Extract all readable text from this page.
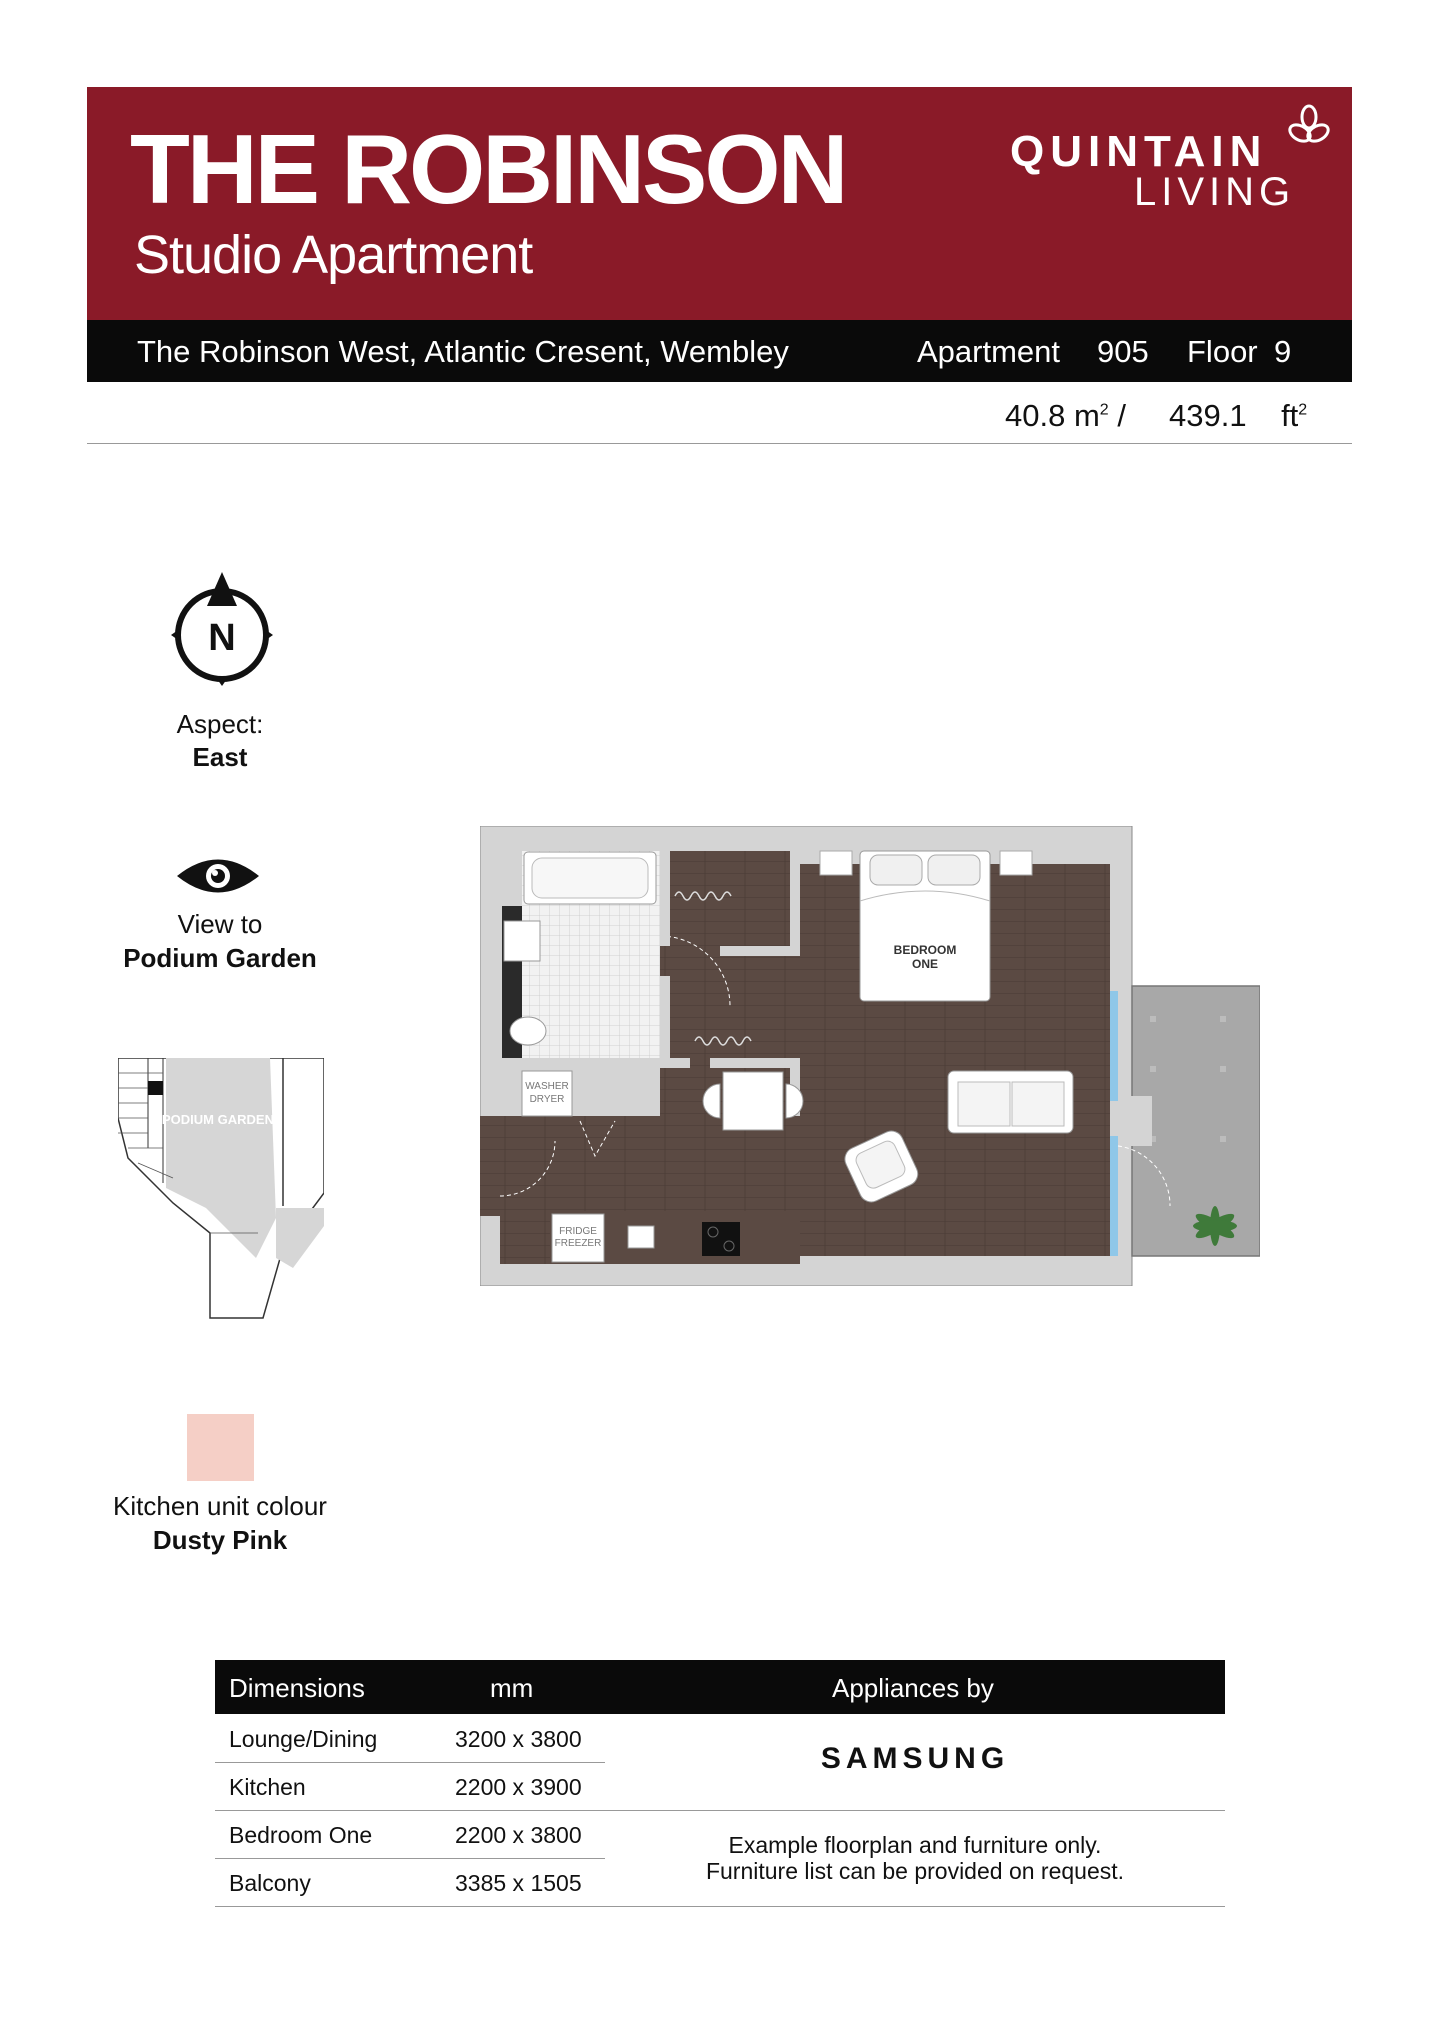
THE ROBINSON
Studio Apartment
QUINTAIN
LIVING
The Robinson West, Atlantic Cresent, Wembley	Apartment 905 Floor 9
40.8 $m^2 / 439.1$ $ft^2$
N
Aspect:
East
View to
Podium Garden
PODIUM GARDEN
Kitchen unit colour
Dusty Pink
WASHER
DRYER
BEDROOM
ONE
FRIDGE
FREEZER
Dimensions	mm	Appliances by
Lounge/Dining	3200 x 3800
Kitchen	2200 x 3900
Bedroom One	2200 x 3800
Balcony	3385 x 1505
SAMSUNG
Example floorplan and furniture only.
Furniture list can be provided on request.
